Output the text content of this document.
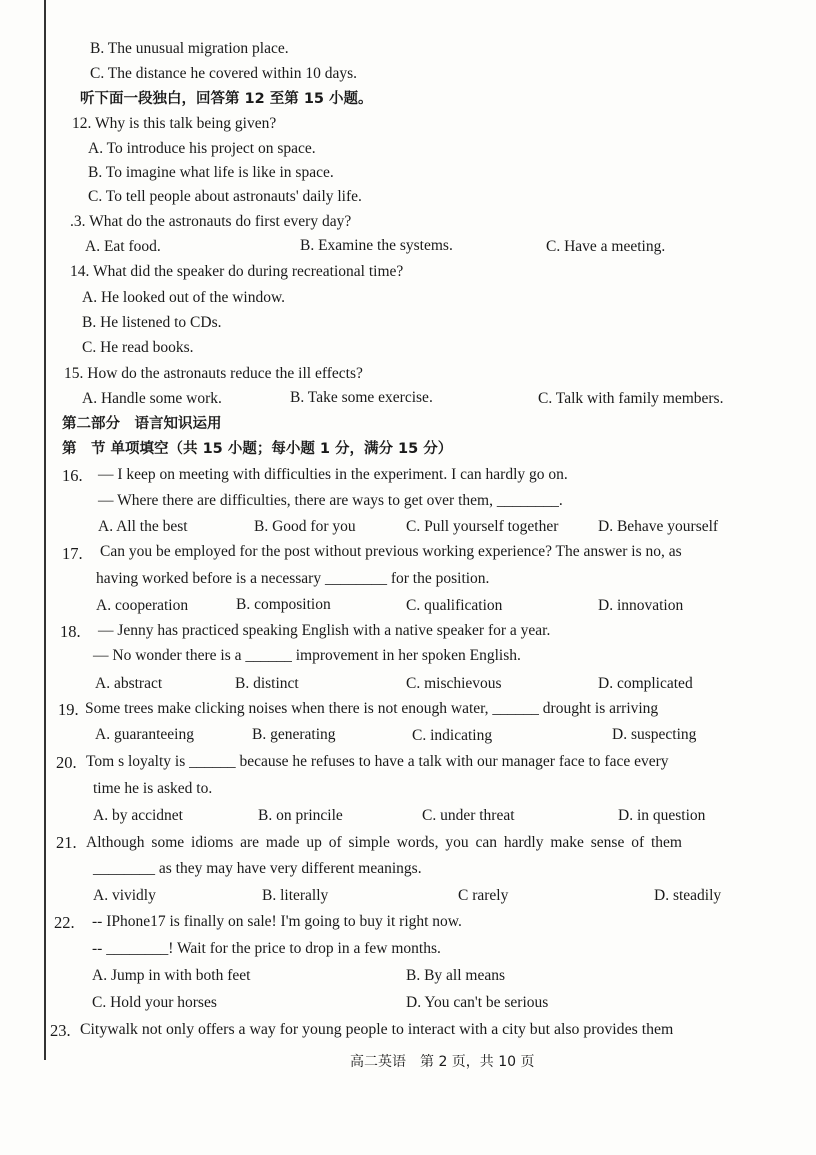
B. The unusual migration place.
C. The distance he covered within 10 days.
听下面一段独白，回答第 12 至第 15 小题。
12. Why is this talk being given?
A. To introduce his project on space.
B. To imagine what life is like in space.
C. To tell people about astronauts' daily life.
.3. What do the astronauts do first every day?
A. Eat food.	B. Examine the systems.	C. Have a meeting.
14. What did the speaker do during recreational time?
A. He looked out of the window.
B. He listened to CDs.
C. He read books.
15. How do the astronauts reduce the ill effects?
A. Handle some work.	B. Take some exercise.	C. Talk with family members.
第二部分　语言知识运用
第　节 单项填空（共 15 小题；每小题 1 分，满分 15 分）
16. — I keep on meeting with difficulties in the experiment. I can hardly go on.
— Where there are difficulties, there are ways to get over them, ________.
A. All the best	B. Good for you	C. Pull yourself together	D. Behave yourself
17. Can you be employed for the post without previous working experience? The answer is no, as
having worked before is a necessary ________ for the position.
A. cooperation	B. composition	C. qualification	D. innovation
18. — Jenny has practiced speaking English with a native speaker for a year.
— No wonder there is a ______ improvement in her spoken English.
A. abstract	B. distinct	C. mischievous	D. complicated
19. Some trees make clicking noises when there is not enough water, ______ drought is arriving
A. guaranteeing	B. generating	C. indicating	D. suspecting
20. Tom s loyalty is ______ because he refuses to have a talk with our manager face to face every
time he is asked to.
A. by accidnet	B. on princile	C. under threat	D. in question
21. Although some idioms are made up of simple words, you can hardly make sense of them
________ as they may have very different meanings.
A. vividly	B. literally	C rarely	D. steadily
22. -- IPhone17 is finally on sale! I'm going to buy it right now.
-- ________! Wait for the price to drop in a few months.
A. Jump in with both feet	B. By all means
C. Hold your horses	D. You can't be serious
23. Citywalk not only offers a way for young people to interact with a city but also provides them
高二英语　第 2 页，共 10 页
